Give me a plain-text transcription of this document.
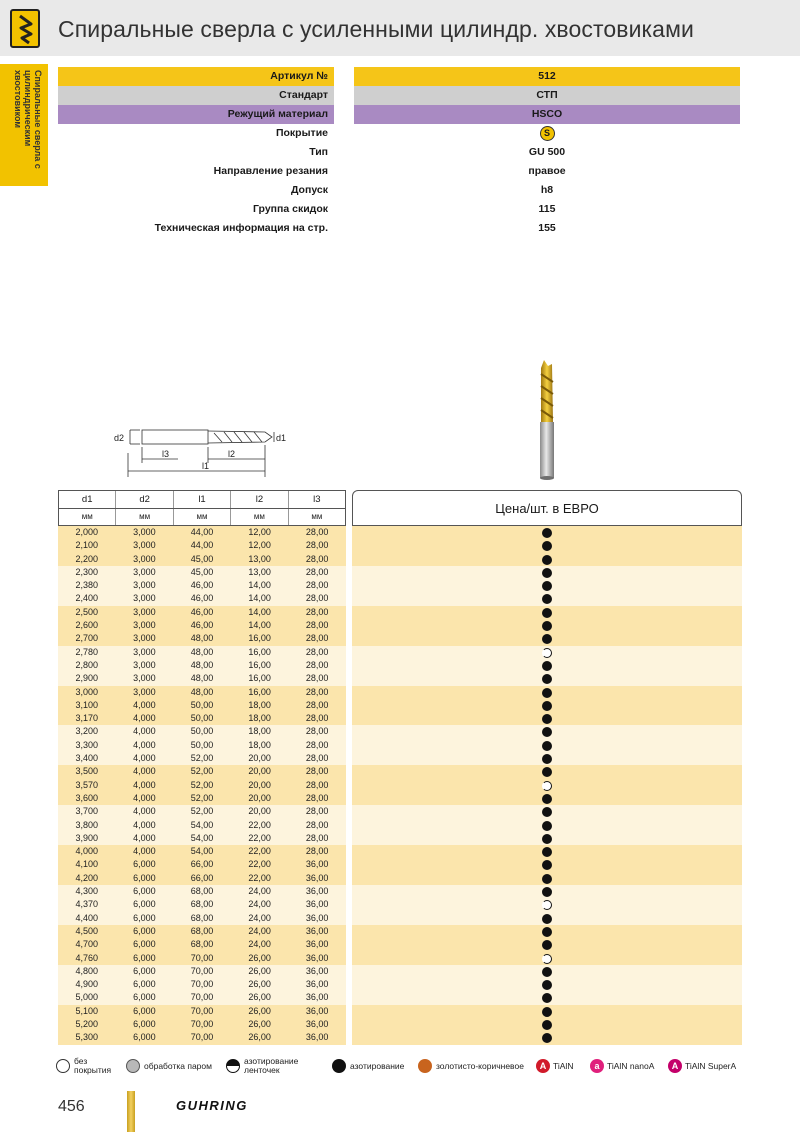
Спиральные сверла с усиленными цилиндр. хвостовиками
Спиральные сверла с цилиндрическим хвостовиком	Артикул №	512
Стандарт	СТП
Режущий материал	HSCO
Покрытие	S
Тип	GU 500
Направление резания	правое
Допуск	h8
Группа скидок	115
Техническая информация на стр.	155
d2	d1
l3	l2
l1
d1	d2	l1	l2	l3
мм	мм	мм	мм	мм
2,000	3,000	44,00	12,00	28,00
2,100	3,000	44,00	12,00	28,00
2,200	3,000	45,00	13,00	28,00
2,300	3,000	45,00	13,00	28,00
2,380	3,000	46,00	14,00	28,00
2,400	3,000	46,00	14,00	28,00
2,500	3,000	46,00	14,00	28,00
2,600	3,000	46,00	14,00	28,00
2,700	3,000	48,00	16,00	28,00
2,780	3,000	48,00	16,00	28,00
2,800	3,000	48,00	16,00	28,00
2,900	3,000	48,00	16,00	28,00
3,000	3,000	48,00	16,00	28,00
3,100	4,000	50,00	18,00	28,00
3,170	4,000	50,00	18,00	28,00
3,200	4,000	50,00	18,00	28,00
3,300	4,000	50,00	18,00	28,00
3,400	4,000	52,00	20,00	28,00
3,500	4,000	52,00	20,00	28,00
3,570	4,000	52,00	20,00	28,00
3,600	4,000	52,00	20,00	28,00
3,700	4,000	52,00	20,00	28,00
3,800	4,000	54,00	22,00	28,00
3,900	4,000	54,00	22,00	28,00
4,000	4,000	54,00	22,00	28,00
4,100	6,000	66,00	22,00	36,00
4,200	6,000	66,00	22,00	36,00
4,300	6,000	68,00	24,00	36,00
4,370	6,000	68,00	24,00	36,00
4,400	6,000	68,00	24,00	36,00
4,500	6,000	68,00	24,00	36,00
4,700	6,000	68,00	24,00	36,00
4,760	6,000	70,00	26,00	36,00
4,800	6,000	70,00	26,00	36,00
4,900	6,000	70,00	26,00	36,00
5,000	6,000	70,00	26,00	36,00
5,100	6,000	70,00	26,00	36,00
5,200	6,000	70,00	26,00	36,00
5,300	6,000	70,00	26,00	36,00
Цена/шт. в ЕВРО
без покрытия	обработка паром	азотирование ленточек	азотирование	золотисто-коричневое	A TiAlN	a TiAlN nanoA	A TiAlN SuperA
456	GUHRING
